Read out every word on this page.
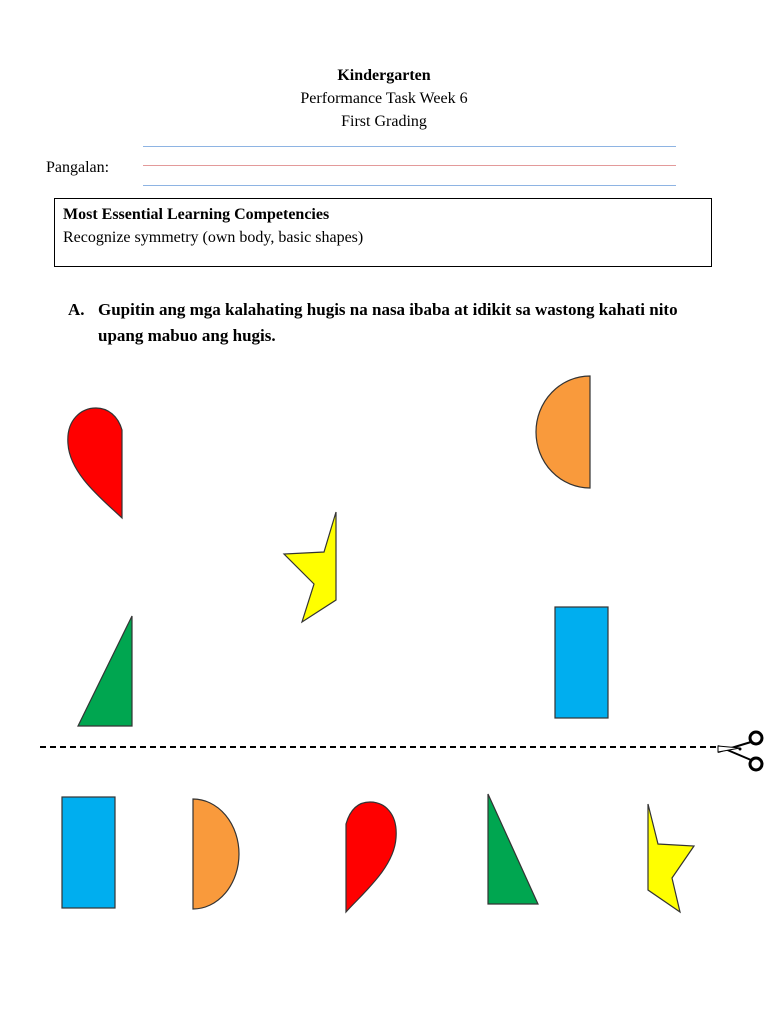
Kindergarten
Performance Task Week 6
First Grading
Pangalan:
Most Essential Learning Competencies
Recognize symmetry (own body, basic shapes)
A. Gupitin ang mga kalahating hugis na nasa ibaba at idikit sa wastong kahati nito upang mabuo ang hugis.
